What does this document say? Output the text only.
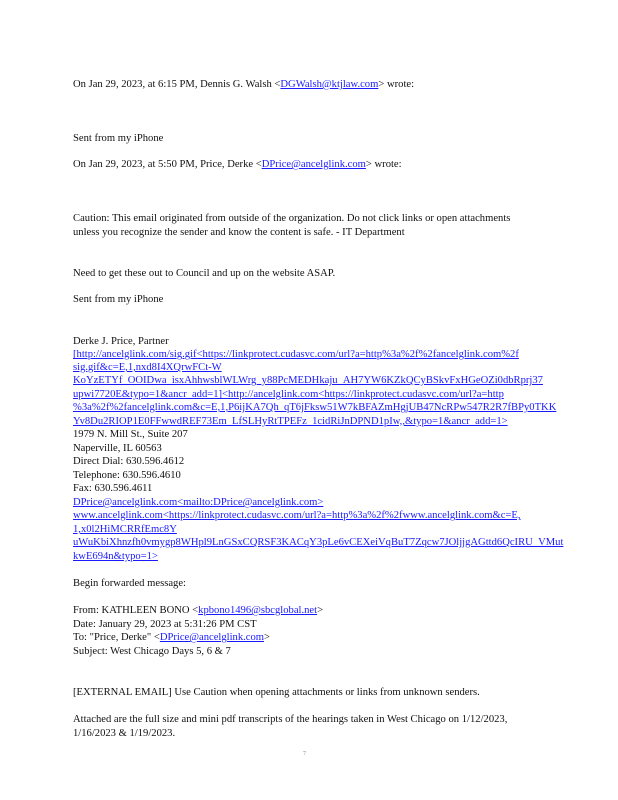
On Jan 29, 2023, at 6:15 PM, Dennis G. Walsh <DGWalsh@ktjlaw.com> wrote:
Sent from my iPhone
On Jan 29, 2023, at 5:50 PM, Price, Derke <DPrice@ancelglink.com> wrote:
Caution: This email originated from outside of the organization. Do not click links or open attachments
unless you recognize the sender and know the content is safe. - IT Department
Need to get these out to Council and up on the website ASAP.
Sent from my iPhone
Derke J. Price, Partner
[http://ancelglink.com/sig.gif<https://linkprotect.cudasvc.com/url?a=http%3a%2f%2fancelglink.com%2f
sig.gif&c=E,1,nxd8I4XQrwFCt-W
KoYzETYf_OOIDwa_isxAhhwsblWLWrg_y88PcMEDHkaju_AH7YW6KZkQCyBSkvFxHGeOZi0dbRprj37
upwi7720E&typo=1&ancr_add=1]<http://ancelglink.com<https://linkprotect.cudasvc.com/url?a=http
%3a%2f%2fancelglink.com&c=E,1,P6ijKA7Qh_qT6jFksw51W7kBFAZmHgjUB47NcRPw547R2R7fBPy0TKK
Yv8Du2RIOP1E0FFwwdREF73Em_LfSLHyRtTPEFz_1cidRiJnDPND1pIw,,&typo=1&ancr_add=1>
1979 N. Mill St., Suite 207
Naperville, IL 60563
Direct Dial: 630.596.4612
Telephone: 630.596.4610
Fax: 630.596.4611
DPrice@ancelglink.com<mailto:DPrice@ancelglink.com>
www.ancelglink.com<https://linkprotect.cudasvc.com/url?a=http%3a%2f%2fwww.ancelglink.com&c=E,
1,x0l2HiMCRRfEmc8Y
uWuKbiXhnzfh0vmygp8WHpl9LnGSxCQRSF3KACqY3pLe6vCEXeiVqBuT7Zqcw7JOljjgAGttd6QcIRU_VMut
kwE694n&typo=1>
Begin forwarded message:
From: KATHLEEN BONO <kpbono1496@sbcglobal.net>
Date: January 29, 2023 at 5:31:26 PM CST
To: "Price, Derke" <DPrice@ancelglink.com>
Subject: West Chicago Days 5, 6 & 7
[EXTERNAL EMAIL] Use Caution when opening attachments or links from unknown senders.
Attached are the full size and mini pdf transcripts of the hearings taken in West Chicago on 1/12/2023,
1/16/2023 & 1/19/2023.
7
